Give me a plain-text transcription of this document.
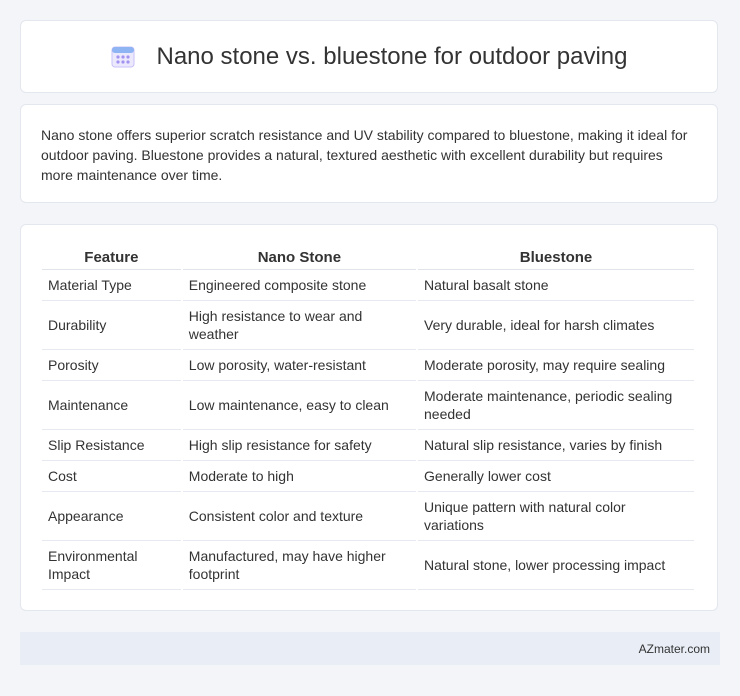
Nano stone vs. bluestone for outdoor paving

Nano stone offers superior scratch resistance and UV stability compared to bluestone, making it ideal for outdoor paving. Bluestone provides a natural, textured aesthetic with excellent durability but requires more maintenance over time.

Feature	Nano Stone	Bluestone
Material Type	Engineered composite stone	Natural basalt stone
Durability	High resistance to wear and weather	Very durable, ideal for harsh climates
Porosity	Low porosity, water-resistant	Moderate porosity, may require sealing
Maintenance	Low maintenance, easy to clean	Moderate maintenance, periodic sealing needed
Slip Resistance	High slip resistance for safety	Natural slip resistance, varies by finish
Cost	Moderate to high	Generally lower cost
Appearance	Consistent color and texture	Unique pattern with natural color variations
Environmental Impact	Manufactured, may have higher footprint	Natural stone, lower processing impact
AZmater.com
